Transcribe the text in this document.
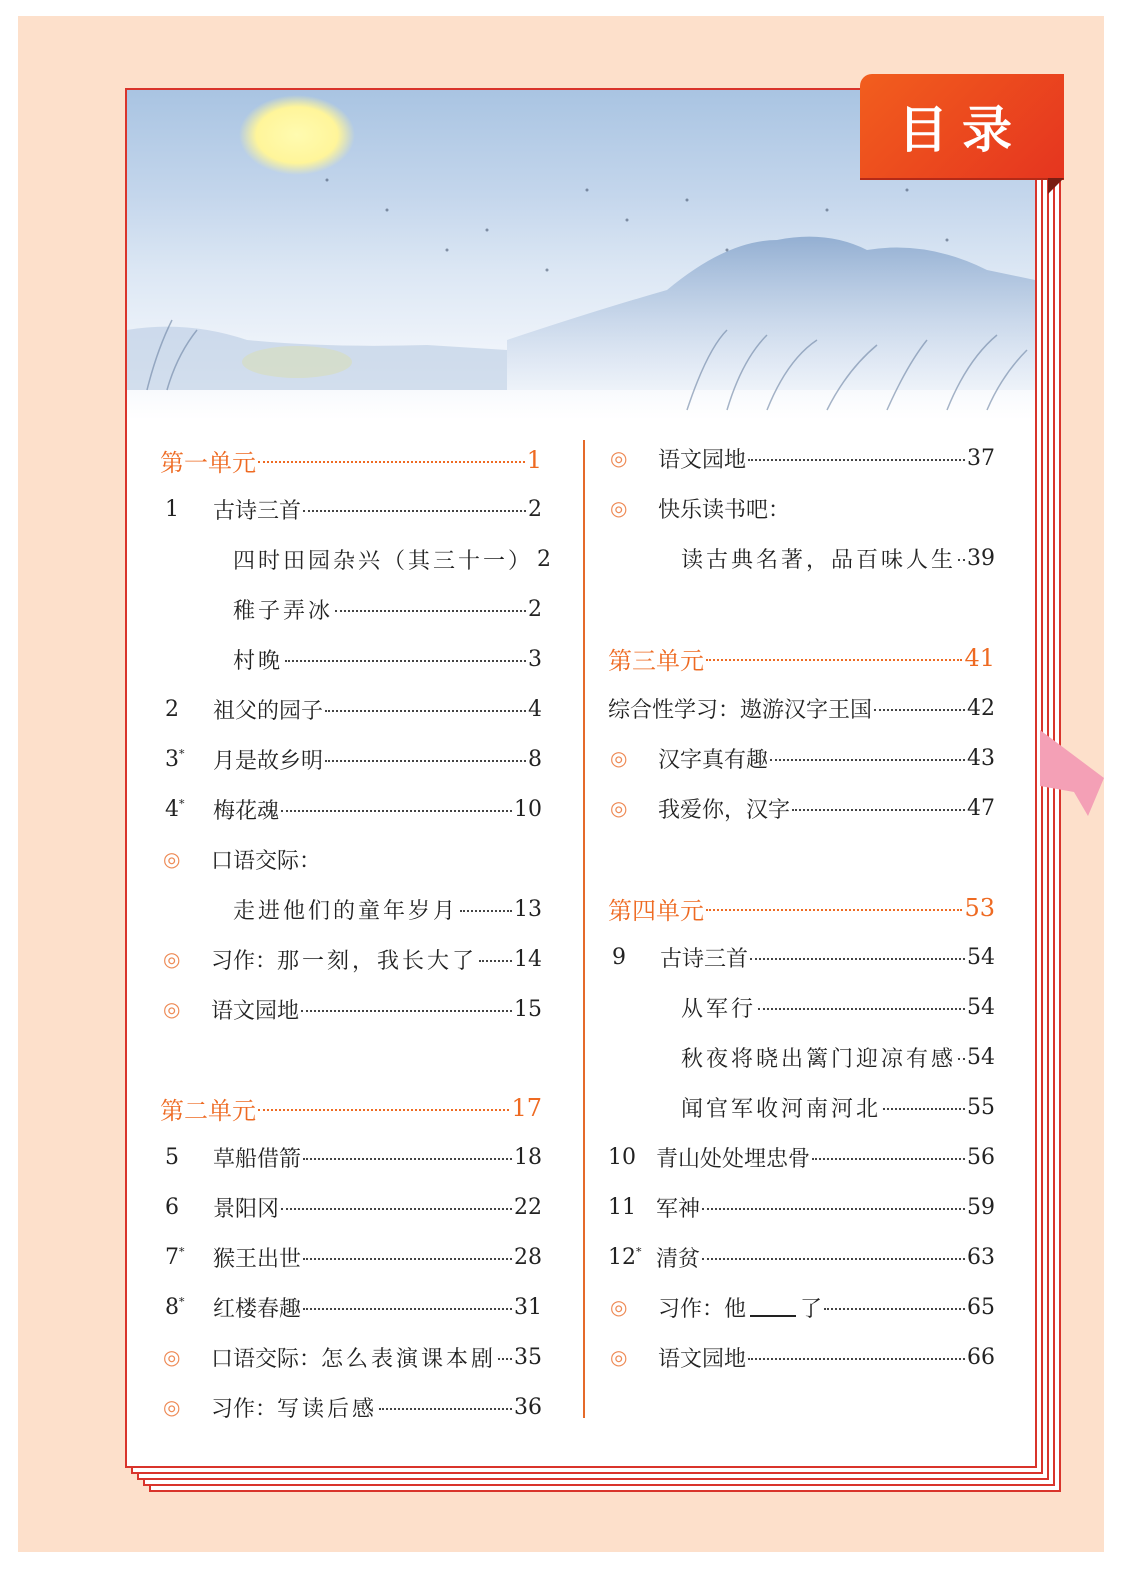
目录
第一单元	1
1	古诗三首	2
四时田园杂兴（其三十一） 2
稚子弄冰	2
村晚	3
2	祖父的园子	4
3*	月是故乡明	8
4*	梅花魂	10
◎	口语交际：
走进他们的童年岁月	13
◎	习作： 那一刻，我长大了 14
◎	语文园地	15
第二单元	17
5	草船借箭	18
6	景阳冈	22
7*	猴王出世	28
8*	红楼春趣	31
◎	口语交际： 怎么表演课本剧 35
◎	习作： 写读后感	36
◎	语文园地	37
◎	快乐读书吧：
读古典名著，品百味人生 39
第三单元	41
综合性学习：遨游汉字王国	42
◎	汉字真有趣	43
◎	我爱你，汉字	47
第四单元	53
9	古诗三首	54
从军行	54
秋夜将晓出篱门迎凉有感 54
闻官军收河南河北	55
10 青山处处埋忠骨	56
11 军神	59
12* 清贫	63
◎	习作：他 了	65
◎	语文园地	66
